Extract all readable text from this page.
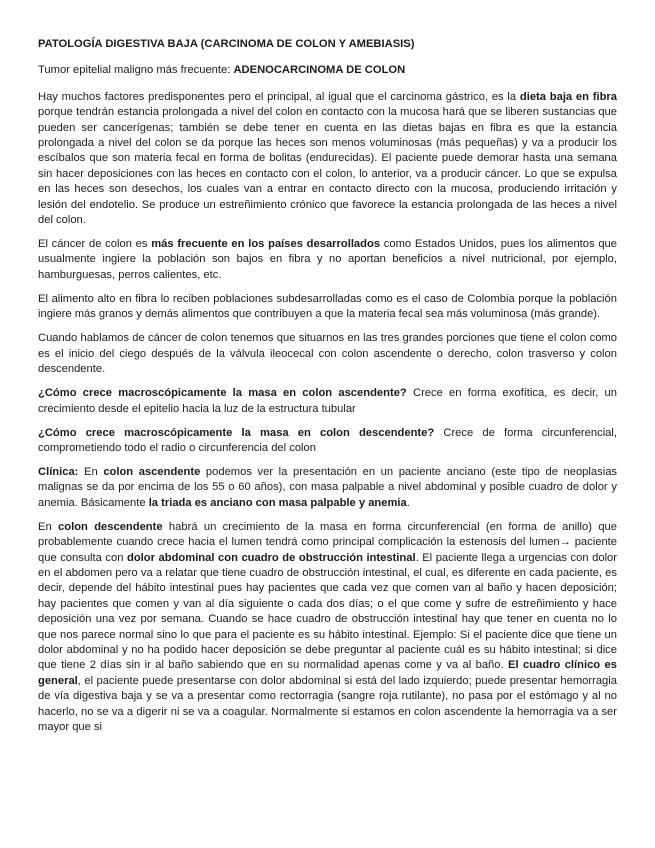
PATOLOGÍA DIGESTIVA BAJA (CARCINOMA DE COLON Y AMEBIASIS)

Tumor epitelial maligno más frecuente: ADENOCARCINOMA DE COLON

Hay muchos factores predisponentes pero el principal, al igual que el carcinoma gástrico, es la dieta baja en fibra porque tendrán estancia prolongada a nivel del colon en contacto con la mucosa hará que se liberen sustancias que pueden ser cancerígenas; también se debe tener en cuenta en las dietas bajas en fibra es que la estancia prolongada a nivel del colon se da porque las heces son menos voluminosas (más pequeñas) y va a producir los escíbalos que son materia fecal en forma de bolitas (endurecidas). El paciente puede demorar hasta una semana sin hacer deposiciones con las heces en contacto con el colon, lo anterior, va a producir cáncer. Lo que se expulsa en las heces son desechos, los cuales van a entrar en contacto directo con la mucosa, produciendo irritación y lesión del endotelio. Se produce un estreñimiento crónico que favorece la estancia prolongada de las heces a nivel del colon.

El cáncer de colon es más frecuente en los países desarrollados como Estados Unidos, pues los alimentos que usualmente ingiere la población son bajos en fibra y no aportan beneficios a nivel nutricional, por ejemplo, hamburguesas, perros calientes, etc.

El alimento alto en fibra lo reciben poblaciones subdesarrolladas como es el caso de Colombia porque la población ingiere más granos y demás alimentos que contribuyen a que la materia fecal sea más voluminosa (más grande).

Cuando hablamos de cáncer de colon tenemos que situarnos en las tres grandes porciones que tiene el colon como es el inicio del ciego después de la válvula ileocecal con colon ascendente o derecho, colon trasverso y colon descendente.

¿Cómo crece macroscópicamente la masa en colon ascendente? Crece en forma exofítica, es decir, un crecimiento desde el epitelio hacia la luz de la estructura tubular

¿Cómo crece macroscópicamente la masa en colon descendente? Crece de forma circunferencial, comprometiendo todo el radio o circunferencia del colon

Clínica: En colon ascendente podemos ver la presentación en un paciente anciano (este tipo de neoplasias malignas se da por encima de los 55 o 60 años), con masa palpable a nivel abdominal y posible cuadro de dolor y anemia. Básicamente la triada es anciano con masa palpable y anemia.

En colon descendente habrá un crecimiento de la masa en forma circunferencial (en forma de anillo) que probablemente cuando crece hacia el lumen tendrá como principal complicación la estenosis del lumen→ paciente que consulta con dolor abdominal con cuadro de obstrucción intestinal. El paciente llega a urgencias con dolor en el abdomen pero va a relatar que tiene cuadro de obstrucción intestinal, el cual, es diferente en cada paciente, es decir, depende del hábito intestinal pues hay pacientes que cada vez que comen van al baño y hacen deposición; hay pacientes que comen y van al día siguiente o cada dos días; o el que come y sufre de estreñimiento y hace deposición una vez por semana. Cuando se hace cuadro de obstrucción intestinal hay que tener en cuenta no lo que nos parece normal sino lo que para el paciente es su hábito intestinal. Ejemplo: Si el paciente dice que tiene un dolor abdominal y no ha podido hacer deposición se debe preguntar al paciente cuál es su hábito intestinal; si dice que tiene 2 días sin ir al baño sabiendo que en su normalidad apenas come y va al baño. El cuadro clínico es general, el paciente puede presentarse con dolor abdominal si está del lado izquierdo; puede presentar hemorragia de vía digestiva baja y se va a presentar como rectorragia (sangre roja rutilante), no pasa por el estómago y al no hacerlo, no se va a digerir ni se va a coagular. Normalmente si estamos en colon ascendente la hemorragia va a ser mayor que si
